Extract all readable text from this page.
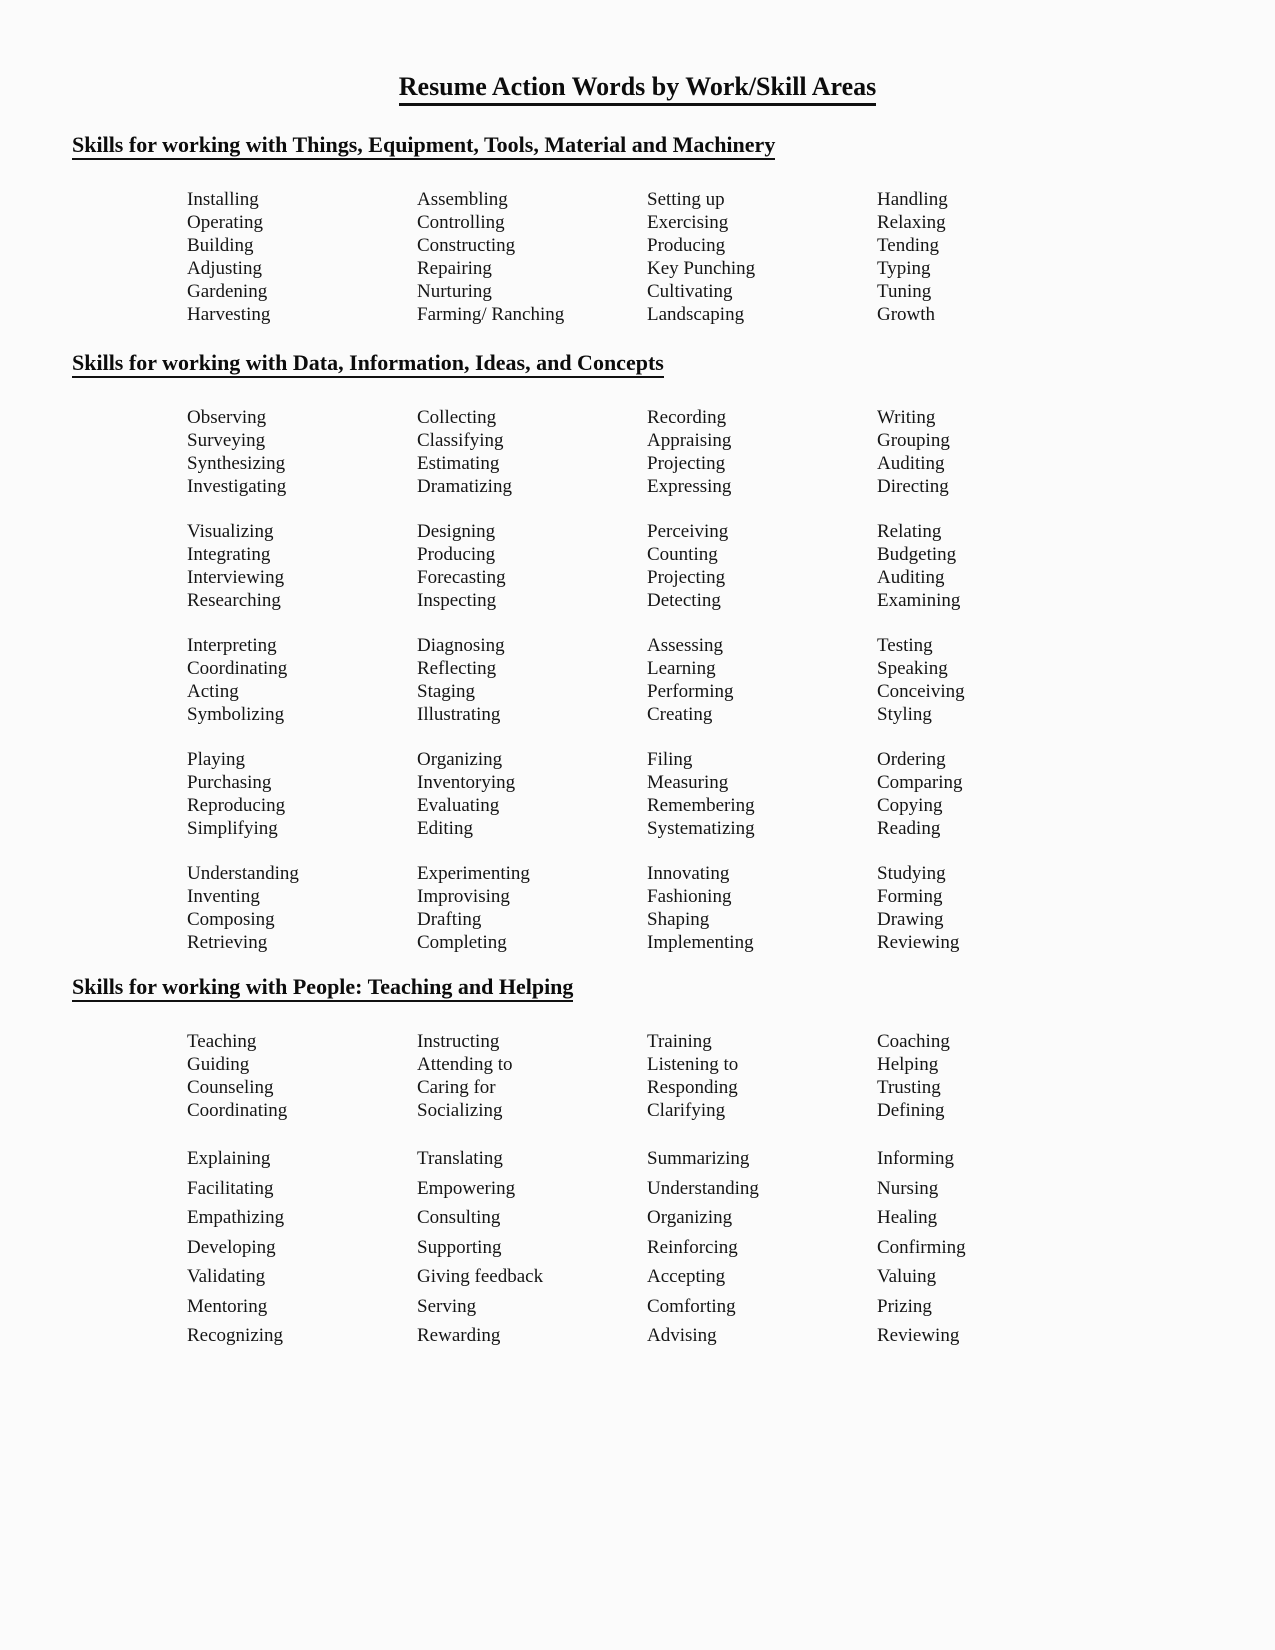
Resume Action Words by Work/Skill Areas
Skills for working with Things, Equipment, Tools, Material and Machinery
Installing
Operating
Building
Adjusting
Gardening
Harvesting
Assembling
Controlling
Constructing
Repairing
Nurturing
Farming/ Ranching
Setting up
Exercising
Producing
Key Punching
Cultivating
Landscaping
Handling
Relaxing
Tending
Typing
Tuning
Growth
Skills for working with Data, Information, Ideas, and Concepts
Observing
Surveying
Synthesizing
Investigating
Collecting
Classifying
Estimating
Dramatizing
Recording
Appraising
Projecting
Expressing
Writing
Grouping
Auditing
Directing
Visualizing
Integrating
Interviewing
Researching
Designing
Producing
Forecasting
Inspecting
Perceiving
Counting
Projecting
Detecting
Relating
Budgeting
Auditing
Examining
Interpreting
Coordinating
Acting
Symbolizing
Diagnosing
Reflecting
Staging
Illustrating
Assessing
Learning
Performing
Creating
Testing
Speaking
Conceiving
Styling
Playing
Purchasing
Reproducing
Simplifying
Organizing
Inventorying
Evaluating
Editing
Filing
Measuring
Remembering
Systematizing
Ordering
Comparing
Copying
Reading
Understanding
Inventing
Composing
Retrieving
Experimenting
Improvising
Drafting
Completing
Innovating
Fashioning
Shaping
Implementing
Studying
Forming
Drawing
Reviewing
Skills for working with People: Teaching and Helping
Teaching
Guiding
Counseling
Coordinating
Instructing
Attending to
Caring for
Socializing
Training
Listening to
Responding
Clarifying
Coaching
Helping
Trusting
Defining
Explaining
Facilitating
Empathizing
Developing
Validating
Mentoring
Recognizing
Translating
Empowering
Consulting
Supporting
Giving feedback
Serving
Rewarding
Summarizing
Understanding
Organizing
Reinforcing
Accepting
Comforting
Advising
Informing
Nursing
Healing
Confirming
Valuing
Prizing
Reviewing
